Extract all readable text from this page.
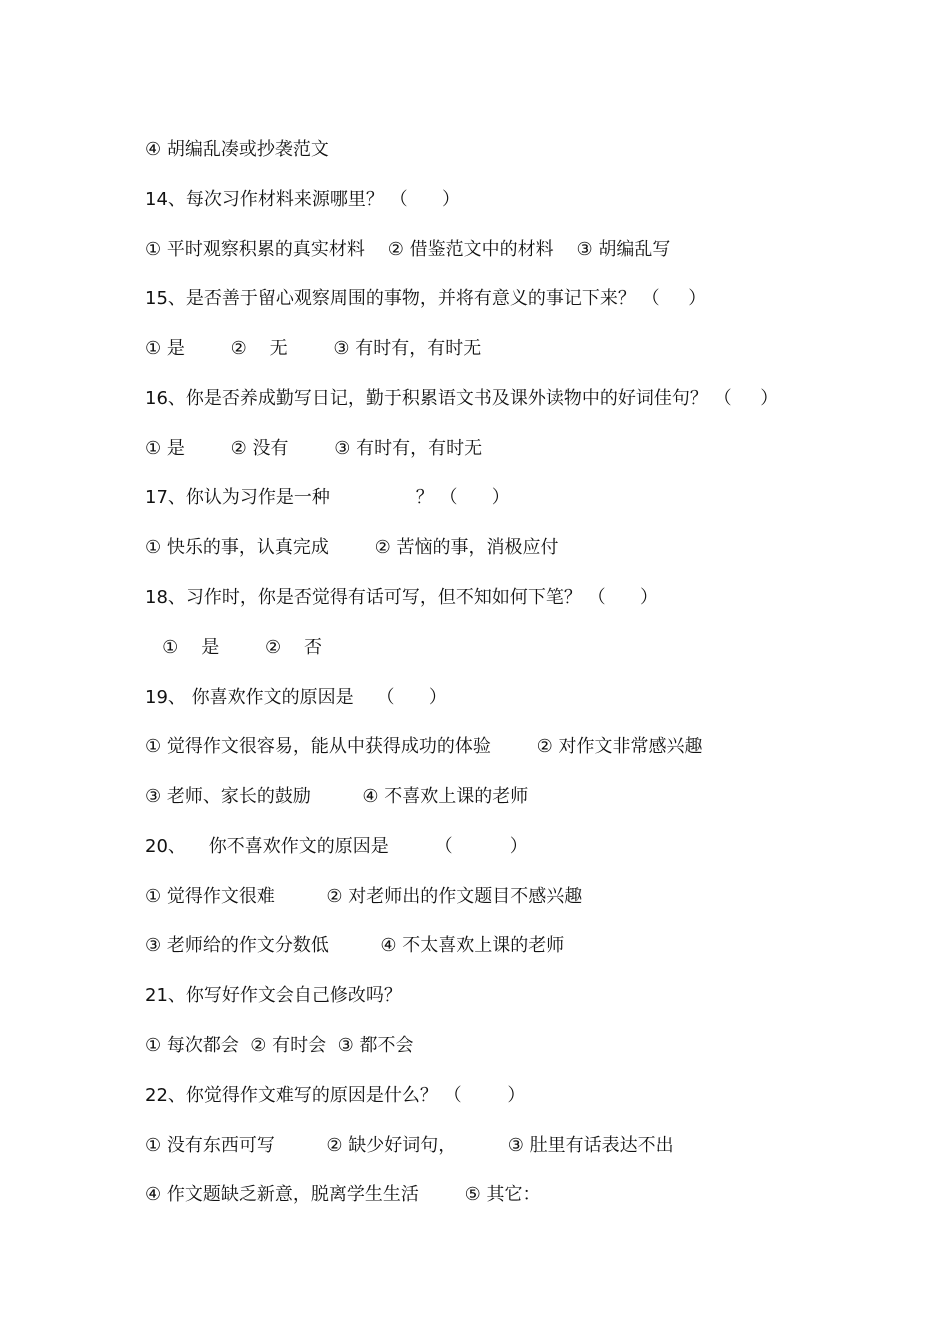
④ 胡编乱凑或抄袭范文

14、每次习作材料来源哪里？ （      ）

① 平时观察积累的真实材料    ② 借鉴范文中的材料    ③ 胡编乱写

15、是否善于留心观察周围的事物，并将有意义的事记下来？ （     ）

① 是        ②    无        ③ 有时有，有时无

16、你是否养成勤写日记，勤于积累语文书及课外读物中的好词佳句？ （     ）

① 是        ② 没有        ③ 有时有，有时无

17、你认为习作是一种               ？ （      ）

① 快乐的事，认真完成        ② 苦恼的事，消极应付

18、习作时，你是否觉得有话可写，但不知如何下笔？ （      ）

①    是        ②    否

19、 你喜欢作文的原因是    （      ）

① 觉得作文很容易，能从中获得成功的体验        ② 对作文非常感兴趣

③ 老师、家长的鼓励         ④ 不喜欢上课的老师

20、    你不喜欢作文的原因是        （          ）

① 觉得作文很难         ② 对老师出的作文题目不感兴趣

③ 老师给的作文分数低         ④ 不太喜欢上课的老师

21、你写好作文会自己修改吗？

① 每次都会  ② 有时会  ③ 都不会

22、你觉得作文难写的原因是什么？ （        ）

① 没有东西可写         ② 缺少好词句，         ③ 肚里有话表达不出

④ 作文题缺乏新意，脱离学生生活        ⑤ 其它：
